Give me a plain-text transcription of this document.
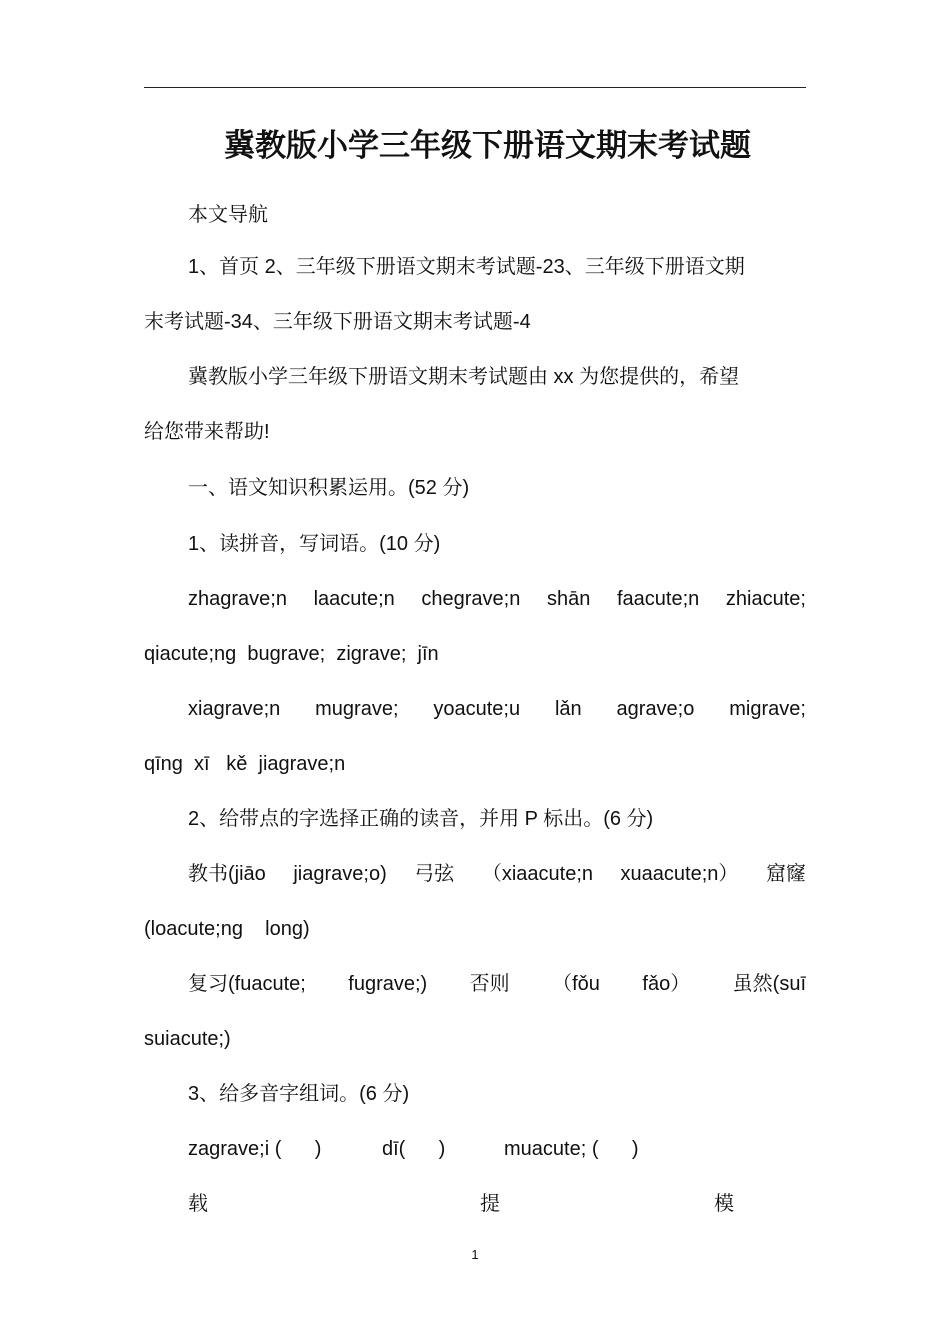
冀教版小学三年级下册语文期末考试题
本文导航
1、首页 2、三年级下册语文期末考试题-23、三年级下册语文期
末考试题-34、三年级下册语文期末考试题-4
冀教版小学三年级下册语文期末考试题由 xx 为您提供的，希望
给您带来帮助!
一、语文知识积累运用。(52 分)
1、读拼音，写词语。(10 分)
zhagrave;n laacute;n chegrave;n shān faacute;n zhiacute;
qiacute;ng  bugrave;  zigrave;  jīn
xiagrave;n mugrave; yoacute;u lǎn agrave;o migrave;
qīng  xī   kě  jiagrave;n
2、给带点的字选择正确的读音，并用 P 标出。(6 分)
教书(jiāo jiagrave;o) 弓弦 （xiaacute;n xuaacute;n） 窟窿
(loacute;ng    long)
复习(fuacute; fugrave;) 否则 （fǒu fǎo） 虽然(suī
suiacute;)
3、给多音字组词。(6 分)
zagrave;i (      )	dī(      )	muacute; (      )
载	提	模
1
